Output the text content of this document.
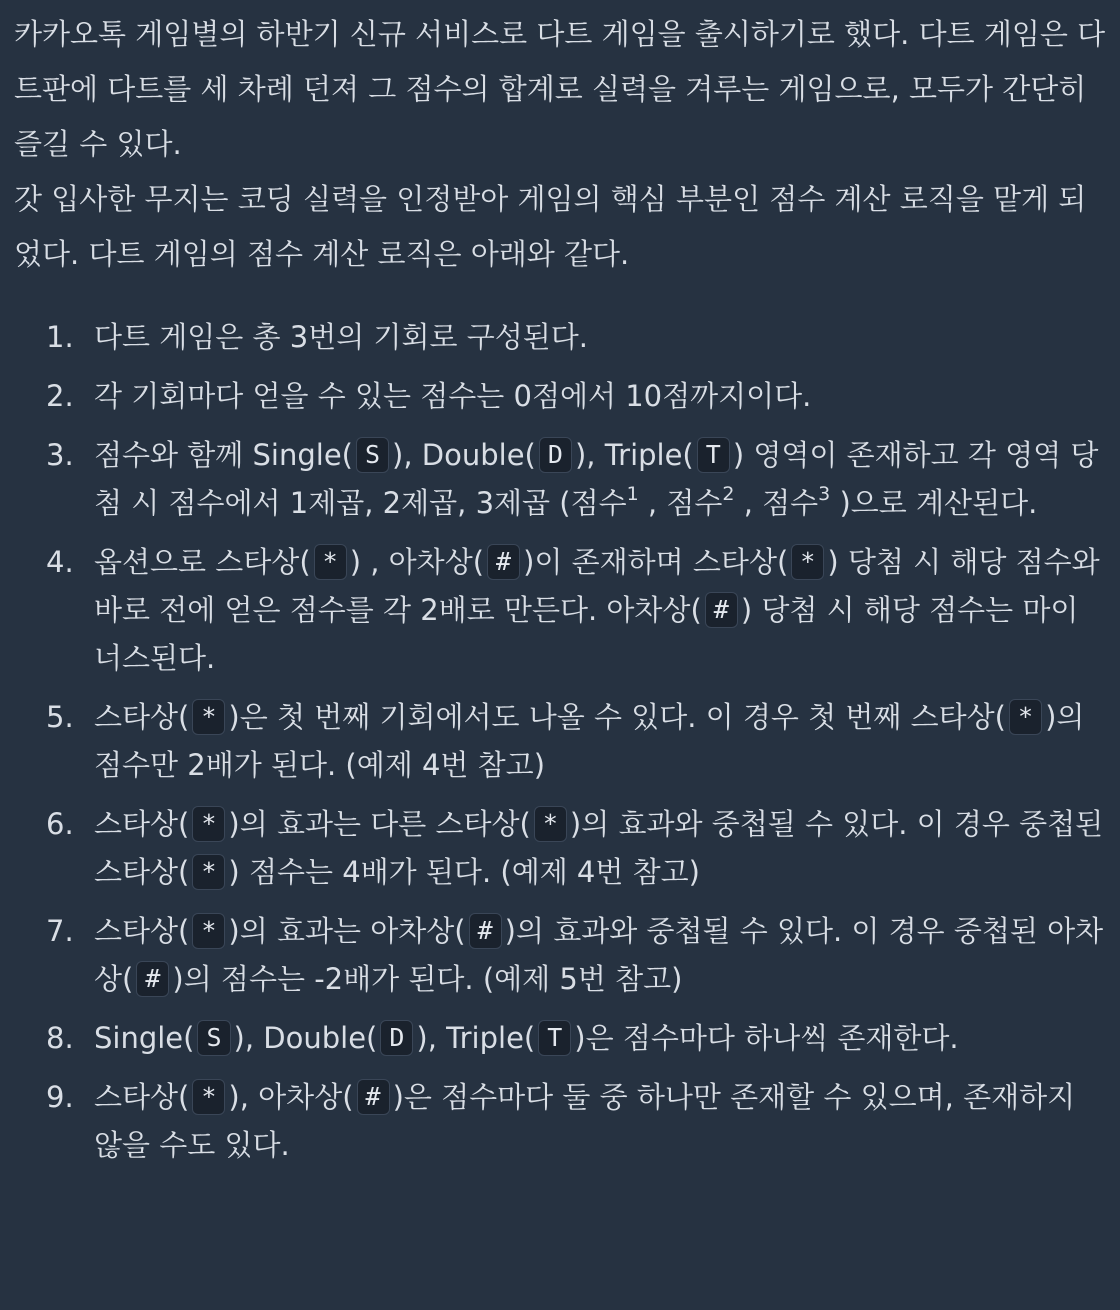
카카오톡 게임별의 하반기 신규 서비스로 다트 게임을 출시하기로 했다. 다트 게임은 다트판에 다트를 세 차례 던져 그 점수의 합계로 실력을 겨루는 게임으로, 모두가 간단히 즐길 수 있다.

갓 입사한 무지는 코딩 실력을 인정받아 게임의 핵심 부분인 점수 계산 로직을 맡게 되었다. 다트 게임의 점수 계산 로직은 아래와 같다.

1. 다트 게임은 총 3번의 기회로 구성된다.
2. 각 기회마다 얻을 수 있는 점수는 0점에서 10점까지이다.
3. 점수와 함께 Single( S ), Double( D ), Triple( T ) 영역이 존재하고 각 영역 당첨 시 점수에서 1제곱, 2제곱, 3제곱 (점수$^1$ , 점수$^2$ , 점수$^3$ )으로 계산된다.
4. 옵션으로 스타상( * ) , 아차상( # )이 존재하며 스타상( * ) 당첨 시 해당 점수와 바로 전에 얻은 점수를 각 2배로 만든다. 아차상( # ) 당첨 시 해당 점수는 마이너스된다.
5. 스타상( * )은 첫 번째 기회에서도 나올 수 있다. 이 경우 첫 번째 스타상( * )의 점수만 2배가 된다. (예제 4번 참고)
6. 스타상( * )의 효과는 다른 스타상( * )의 효과와 중첩될 수 있다. 이 경우 중첩된 스타상( * ) 점수는 4배가 된다. (예제 4번 참고)
7. 스타상( * )의 효과는 아차상( # )의 효과와 중첩될 수 있다. 이 경우 중첩된 아차상( # )의 점수는 -2배가 된다. (예제 5번 참고)
8. Single( S ), Double( D ), Triple( T )은 점수마다 하나씩 존재한다.
9. 스타상( * ), 아차상( # )은 점수마다 둘 중 하나만 존재할 수 있으며, 존재하지 않을 수도 있다.
